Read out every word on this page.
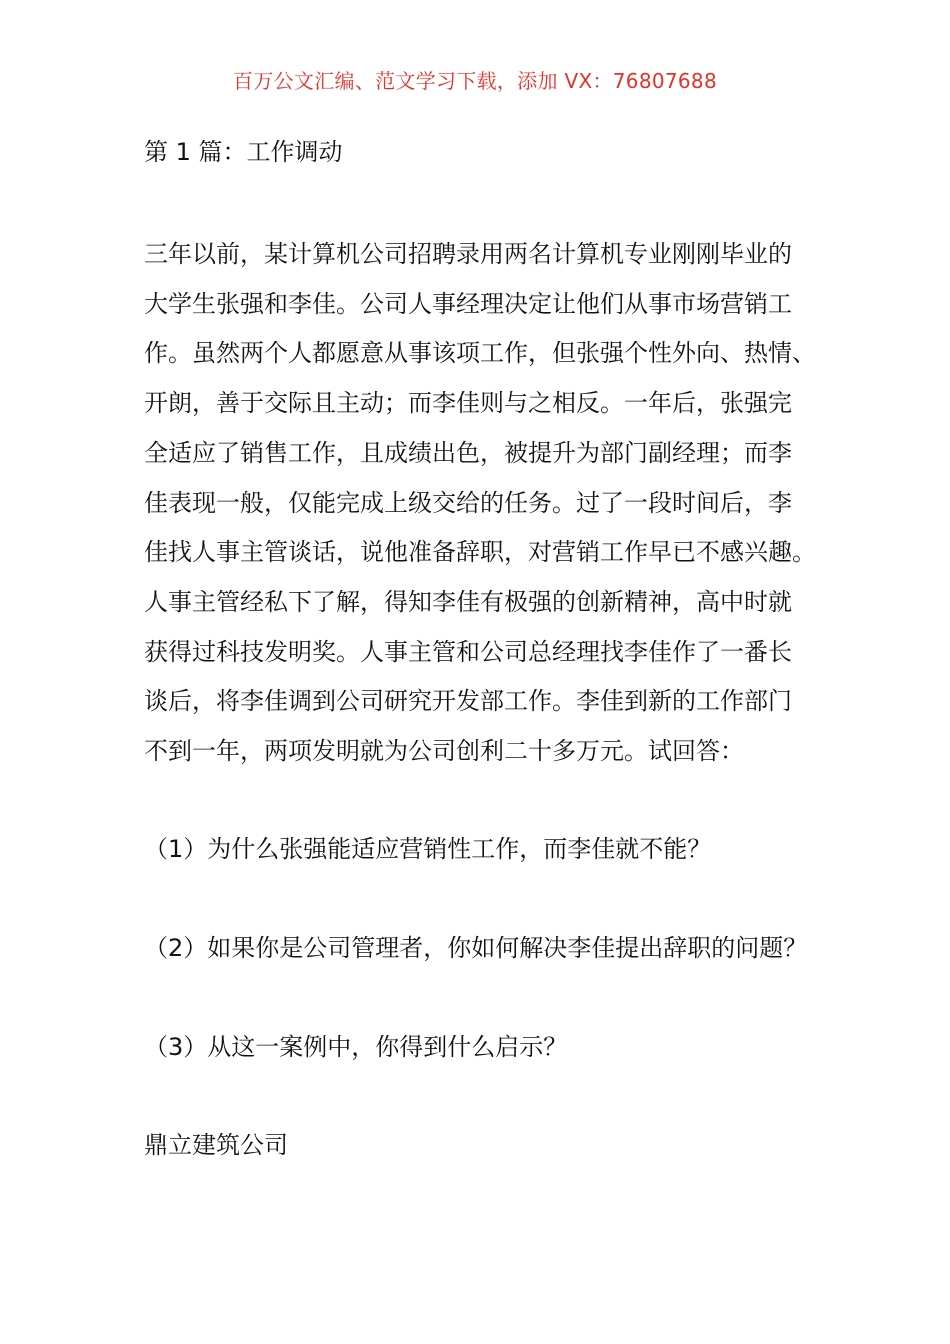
百万公文汇编、范文学习下载，添加 VX：76807688
第 1 篇：工作调动

三年以前，某计算机公司招聘录用两名计算机专业刚刚毕业的
大学生张强和李佳。公司人事经理决定让他们从事市场营销工
作。虽然两个人都愿意从事该项工作，但张强个性外向、热情、
开朗，善于交际且主动；而李佳则与之相反。一年后，张强完
全适应了销售工作，且成绩出色，被提升为部门副经理；而李
佳表现一般，仅能完成上级交给的任务。过了一段时间后，李
佳找人事主管谈话，说他准备辞职，对营销工作早已不感兴趣。
人事主管经私下了解，得知李佳有极强的创新精神，高中时就
获得过科技发明奖。人事主管和公司总经理找李佳作了一番长
谈后，将李佳调到公司研究开发部工作。李佳到新的工作部门
不到一年，两项发明就为公司创利二十多万元。试回答：

（1）为什么张强能适应营销性工作，而李佳就不能？
（2）如果你是公司管理者，你如何解决李佳提出辞职的问题？
（3）从这一案例中，你得到什么启示？
鼎立建筑公司
